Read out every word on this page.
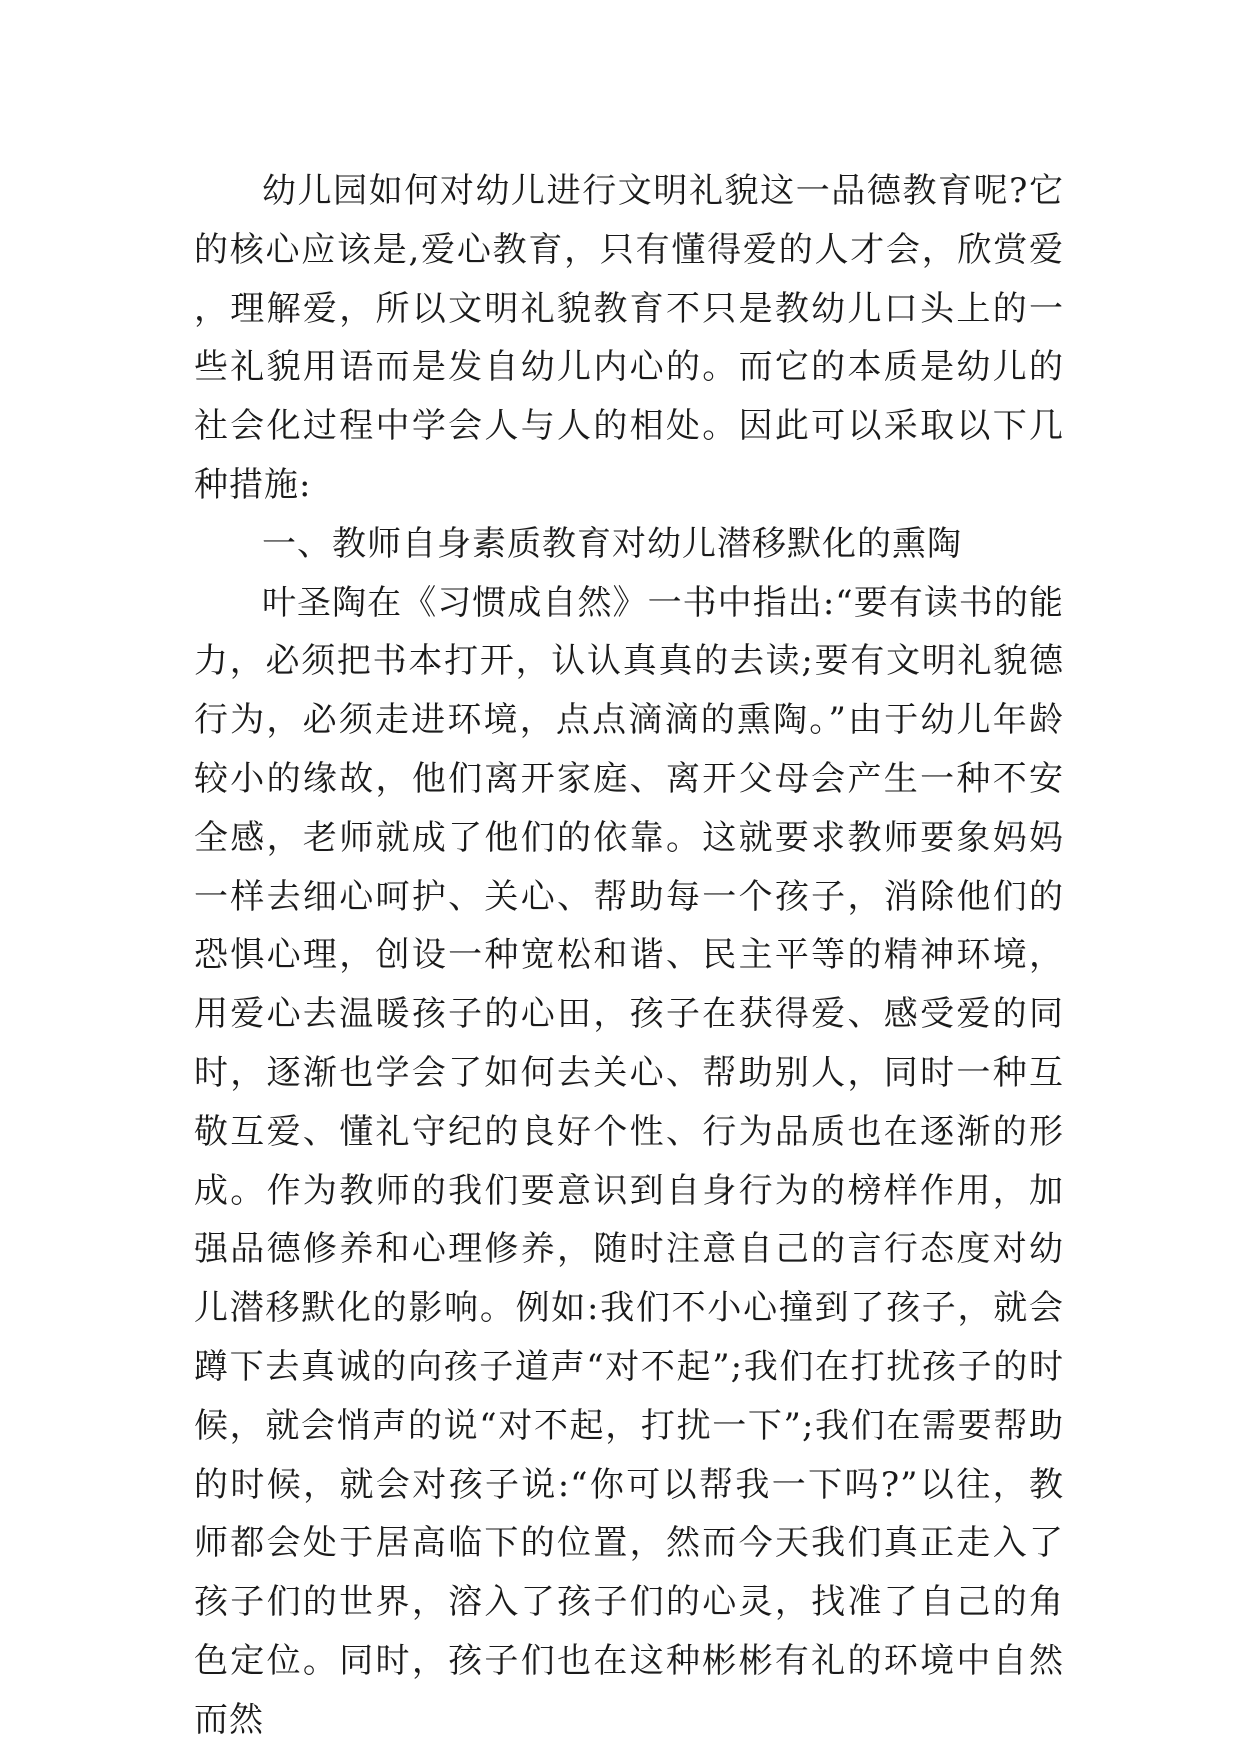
幼儿园如何对幼儿进行文明礼貌这一品德教育呢?它的核心应该是,爱心教育，只有懂得爱的人才会，欣赏爱，理解爱，所以文明礼貌教育不只是教幼儿口头上的一些礼貌用语而是发自幼儿内心的。而它的本质是幼儿的社会化过程中学会人与人的相处。因此可以采取以下几种措施:

一、教师自身素质教育对幼儿潜移默化的熏陶

叶圣陶在《习惯成自然》一书中指出:“要有读书的能力，必须把书本打开，认认真真的去读;要有文明礼貌德行为，必须走进环境，点点滴滴的熏陶。”由于幼儿年龄较小的缘故，他们离开家庭、离开父母会产生一种不安全感，老师就成了他们的依靠。这就要求教师要象妈妈一样去细心呵护、关心、帮助每一个孩子，消除他们的恐惧心理，创设一种宽松和谐、民主平等的精神环境，用爱心去温暖孩子的心田，孩子在获得爱、感受爱的同时，逐渐也学会了如何去关心、帮助别人，同时一种互敬互爱、懂礼守纪的良好个性、行为品质也在逐渐的形成。作为教师的我们要意识到自身行为的榜样作用，加强品德修养和心理修养，随时注意自己的言行态度对幼儿潜移默化的影响。例如:我们不小心撞到了孩子，就会蹲下去真诚的向孩子道声“对不起”;我们在打扰孩子的时候，就会悄声的说“对不起，打扰一下”;我们在需要帮助的时候，就会对孩子说:“你可以帮我一下吗?”以往，教师都会处于居高临下的位置，然而今天我们真正走入了孩子们的世界，溶入了孩子们的心灵，找准了自己的角色定位。同时，孩子们也在这种彬彬有礼的环境中自然而然
